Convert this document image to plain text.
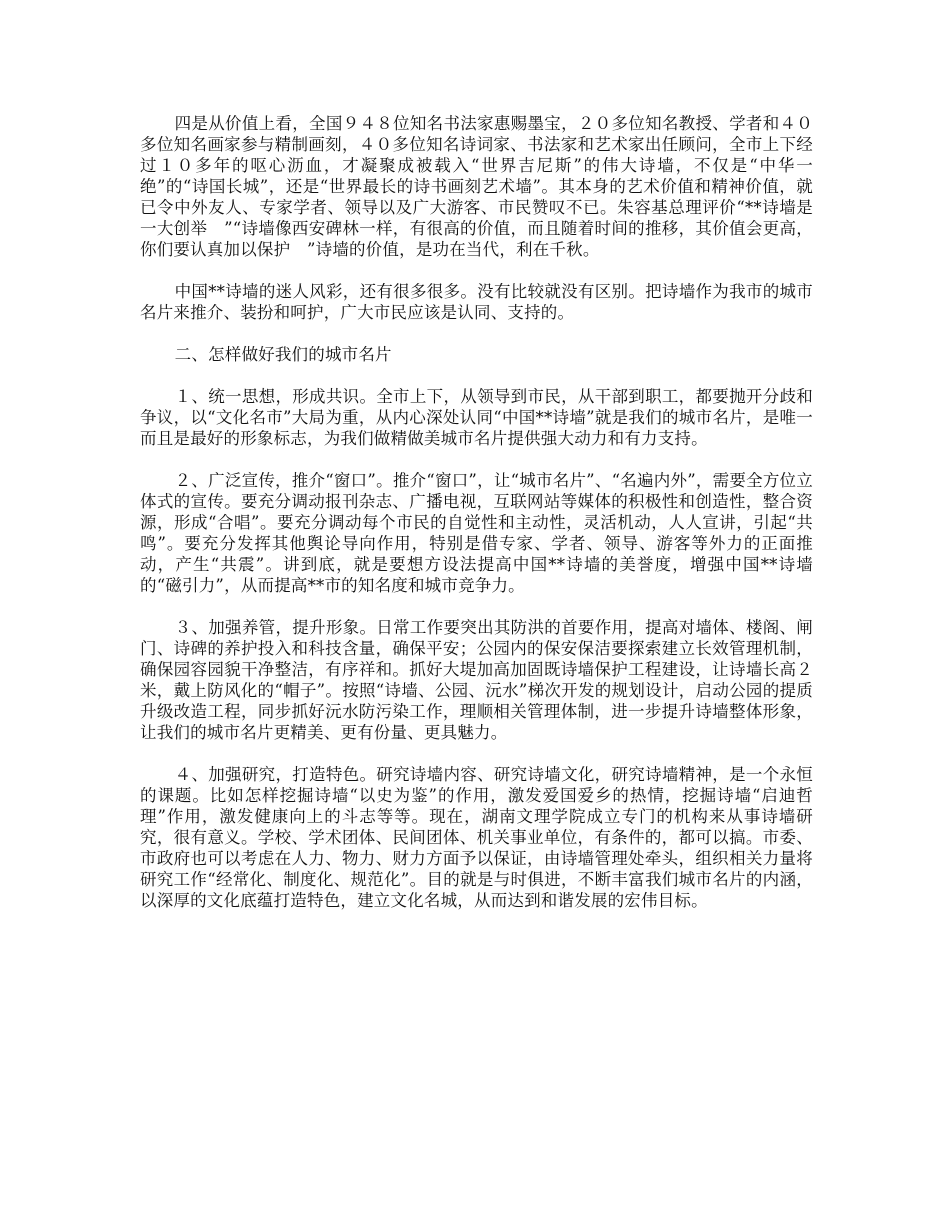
四是从价值上看，全国９４８位知名书法家惠赐墨宝，２０多位知名教授、学者和４０多位知名画家参与精制画刻，４０多位知名诗词家、书法家和艺术家出任顾问，全市上下经过１０多年的呕心沥血，才凝聚成被载入“世界吉尼斯”的伟大诗墙，不仅是“中华一绝”的“诗国长城”，还是“世界最长的诗书画刻艺术墙”。其本身的艺术价值和精神价值，就已令中外友人、专家学者、领导以及广大游客、市民赞叹不已。朱容基总理评价“**诗墙是一大创举　”“诗墙像西安碑林一样，有很高的价值，而且随着时间的推移，其价值会更高，你们要认真加以保护　”诗墙的价值，是功在当代，利在千秋。

中国**诗墙的迷人风彩，还有很多很多。没有比较就没有区别。把诗墙作为我市的城市名片来推介、装扮和呵护，广大市民应该是认同、支持的。

二、怎样做好我们的城市名片

１、统一思想，形成共识。全市上下，从领导到市民，从干部到职工，都要抛开分歧和争议，以“文化名市”大局为重，从内心深处认同“中国**诗墙”就是我们的城市名片，是唯一而且是最好的形象标志，为我们做精做美城市名片提供强大动力和有力支持。

２、广泛宣传，推介“窗口”。推介“窗口”，让“城市名片”、“名遍内外”，需要全方位立体式的宣传。要充分调动报刊杂志、广播电视，互联网站等媒体的积极性和创造性，整合资源，形成“合唱”。要充分调动每个市民的自觉性和主动性，灵活机动，人人宣讲，引起“共鸣”。要充分发挥其他舆论导向作用，特别是借专家、学者、领导、游客等外力的正面推动，产生“共震”。讲到底，就是要想方设法提高中国**诗墙的美誉度，增强中国**诗墙的“磁引力”，从而提高**市的知名度和城市竞争力。

３、加强养管，提升形象。日常工作要突出其防洪的首要作用，提高对墙体、楼阁、闸门、诗碑的养护投入和科技含量，确保平安；公园内的保安保洁要探索建立长效管理机制，确保园容园貌干净整洁，有序祥和。抓好大堤加高加固既诗墙保护工程建设，让诗墙长高２米，戴上防风化的“帽子”。按照“诗墙、公园、沅水”梯次开发的规划设计，启动公园的提质升级改造工程，同步抓好沅水防污染工作，理顺相关管理体制，进一步提升诗墙整体形象，让我们的城市名片更精美、更有份量、更具魅力。

４、加强研究，打造特色。研究诗墙内容、研究诗墙文化，研究诗墙精神，是一个永恒的课题。比如怎样挖掘诗墙“以史为鉴”的作用，激发爱国爱乡的热情，挖掘诗墙“启迪哲理”作用，激发健康向上的斗志等等。现在，湖南文理学院成立专门的机构来从事诗墙研究，很有意义。学校、学术团体、民间团体、机关事业单位，有条件的，都可以搞。市委、市政府也可以考虑在人力、物力、财力方面予以保证，由诗墙管理处牵头，组织相关力量将研究工作“经常化、制度化、规范化”。目的就是与时俱进，不断丰富我们城市名片的内涵，以深厚的文化底蕴打造特色，建立文化名城，从而达到和谐发展的宏伟目标。
